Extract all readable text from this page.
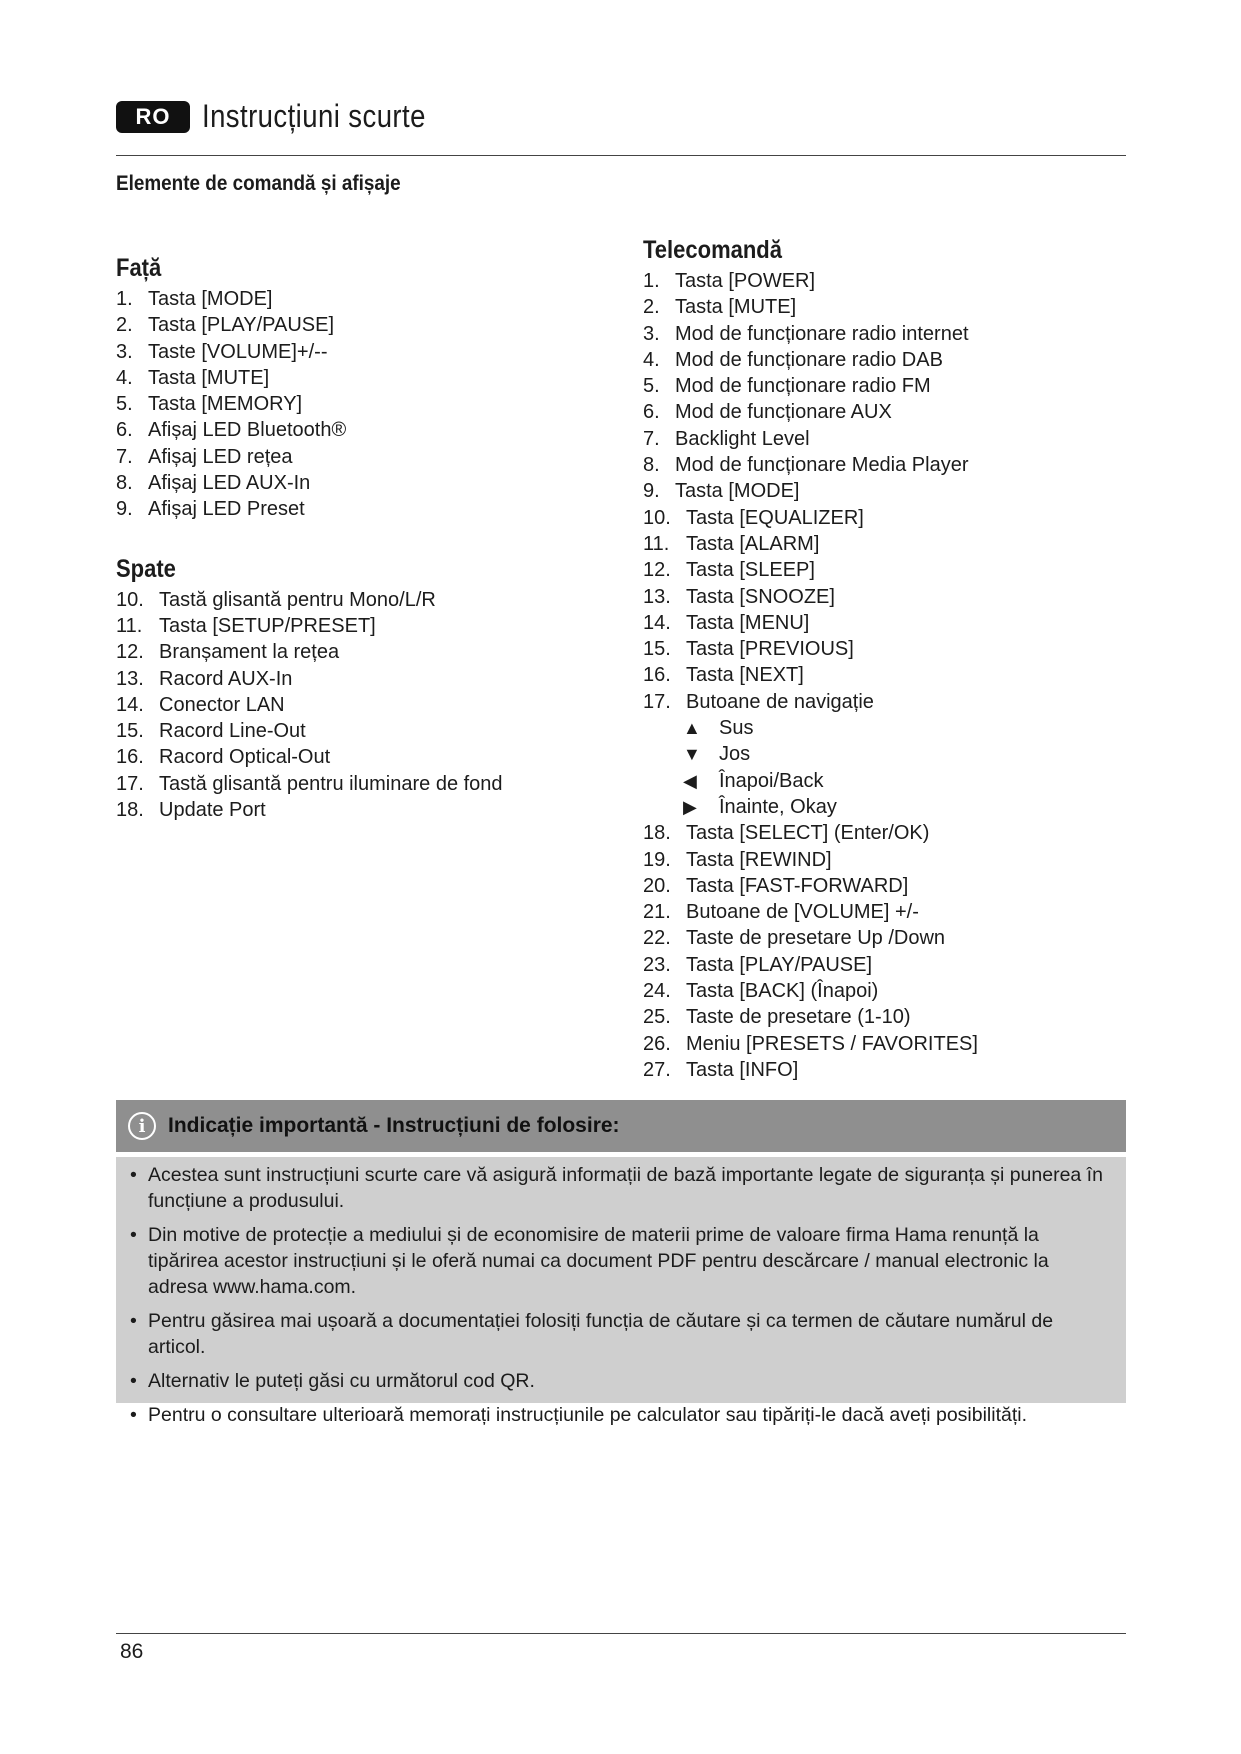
RO Instrucțiuni scurte
Elemente de comandă și afișaje
Față
1. Tasta [MODE]
2. Tasta [PLAY/PAUSE]
3. Taste [VOLUME]+/--
4. Tasta [MUTE]
5. Tasta [MEMORY]
6. Afișaj LED Bluetooth®
7. Afișaj LED rețea
8. Afișaj LED AUX-In
9. Afișaj LED Preset
Spate
10. Tastă glisantă pentru Mono/L/R
11. Tasta [SETUP/PRESET]
12. Branșament la rețea
13. Racord AUX-In
14. Conector LAN
15. Racord Line-Out
16. Racord Optical-Out
17. Tastă glisantă pentru iluminare de fond
18. Update Port
Telecomandă
1. Tasta [POWER]
2. Tasta [MUTE]
3. Mod de funcționare radio internet
4. Mod de funcționare radio DAB
5. Mod de funcționare radio FM
6. Mod de funcționare AUX
7. Backlight Level
8. Mod de funcționare Media Player
9. Tasta [MODE]
10. Tasta [EQUALIZER]
11. Tasta [ALARM]
12. Tasta [SLEEP]
13. Tasta [SNOOZE]
14. Tasta [MENU]
15. Tasta [PREVIOUS]
16. Tasta [NEXT]
17. Butoane de navigație
▲ Sus
▼ Jos
◀	Înapoi/Back
▶	Înainte, Okay
18. Tasta [SELECT] (Enter/OK)
19. Tasta [REWIND]
20. Tasta [FAST-FORWARD]
21. Butoane de [VOLUME] +/-
22. Taste de presetare Up /Down
23. Tasta [PLAY/PAUSE]
24. Tasta [BACK] (Înapoi)
25. Taste de presetare (1-10)
26. Meniu [PRESETS / FAVORITES]
27. Tasta [INFO]
i	Indicație importantă - Instrucțiuni de folosire:
• Acestea sunt instrucțiuni scurte care vă asigură informații de bază importante legate de siguranța și punerea în funcțiune a produsului.
• Din motive de protecție a mediului și de economisire de materii prime de valoare firma Hama renunță la tipărirea acestor instrucțiuni și le oferă numai ca document PDF pentru descărcare / manual electronic la adresa www.hama.com.
• Pentru găsirea mai ușoară a documentației folosiți funcția de căutare și ca termen de căutare numărul de articol.
• Alternativ le puteți găsi cu următorul cod QR.
• Pentru o consultare ulterioară memorați instrucțiunile pe calculator sau tipăriți-le dacă aveți posibilități.
86
